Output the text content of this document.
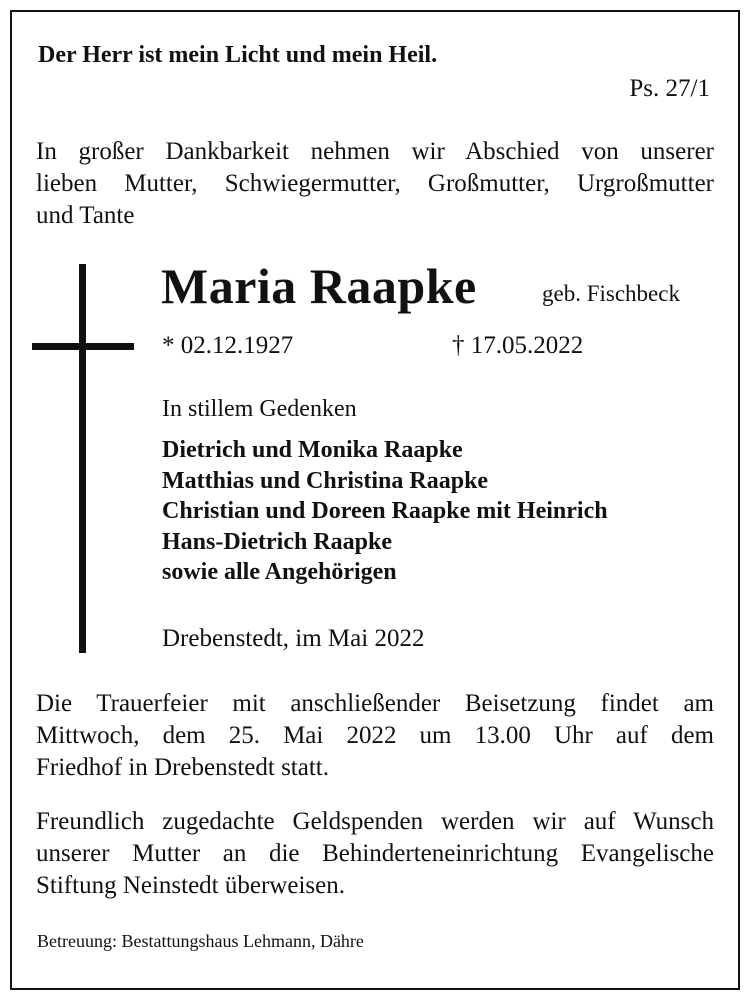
Der Herr ist mein Licht und mein Heil.
Ps. 27/1
In großer Dankbarkeit nehmen wir Abschied von unserer
lieben Mutter, Schwiegermutter, Großmutter, Urgroßmutter
und Tante
Maria Raapke	geb. Fischbeck
* 02.12.1927	† 17.05.2022
In stillem Gedenken
Dietrich und Monika Raapke
Matthias und Christina Raapke
Christian und Doreen Raapke mit Heinrich
Hans-Dietrich Raapke
sowie alle Angehörigen
Drebenstedt, im Mai 2022
Die Trauerfeier mit anschließender Beisetzung findet am
Mittwoch, dem 25. Mai 2022 um 13.00 Uhr auf dem
Friedhof in Drebenstedt statt.
Freundlich zugedachte Geldspenden werden wir auf Wunsch
unserer Mutter an die Behinderteneinrichtung Evangelische
Stiftung Neinstedt überweisen.
Betreuung: Bestattungshaus Lehmann, Dähre
